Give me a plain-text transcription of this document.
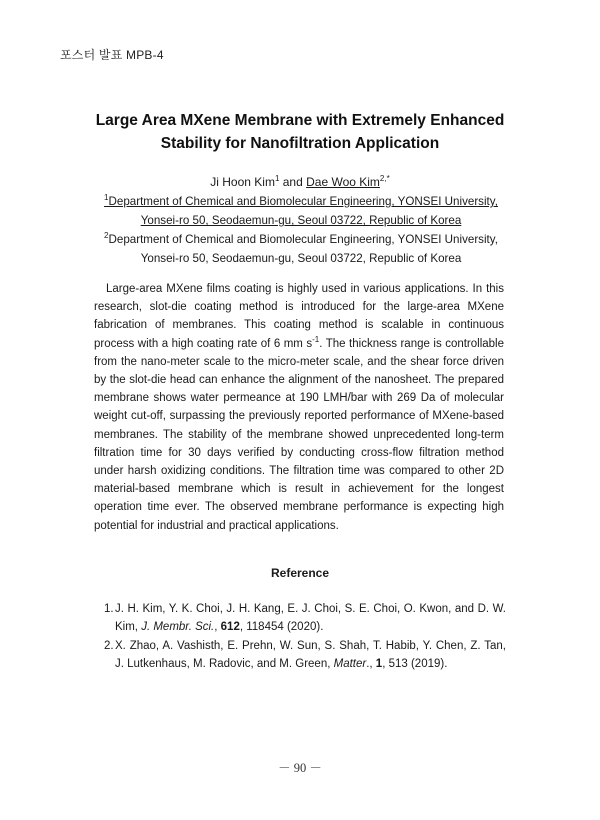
포스터 발표 MPB-4
Large Area MXene Membrane with Extremely Enhanced
Stability for Nanofiltration Application
Ji Hoon Kim$^1$ and Dae Woo Kim$^{2,*}$
$^1$Department of Chemical and Biomolecular Engineering, YONSEI University,
Yonsei-ro 50, Seodaemun-gu, Seoul 03722, Republic of Korea
$^2$Department of Chemical and Biomolecular Engineering, YONSEI University,
Yonsei-ro 50, Seodaemun-gu, Seoul 03722, Republic of Korea
Large-area MXene films coating is highly used in various applications. In this research, slot-die coating method is introduced for the large-area MXene fabrication of membranes. This coating method is scalable in continuous process with a high coating rate of 6 mm $s^{-1}$. The thickness range is controllable from the nano-meter scale to the micro-meter scale, and the shear force driven by the slot-die head can enhance the alignment of the nanosheet. The prepared membrane shows water permeance at 190 LMH/bar with 269 Da of molecular weight cut-off, surpassing the previously reported performance of MXene-based membranes. The stability of the membrane showed unprecedented long-term filtration time for 30 days verified by conducting cross-flow filtration method under harsh oxidizing conditions. The filtration time was compared to other 2D material-based membrane which is result in achievement for the longest operation time ever. The observed membrane performance is expecting high potential for industrial and practical applications.
Reference
1. J. H. Kim, Y. K. Choi, J. H. Kang, E. J. Choi, S. E. Choi, O. Kwon, and D. W. Kim, J. Membr. Sci., 612, 118454 (2020).
2. X. Zhao, A. Vashisth, E. Prehn, W. Sun, S. Shah, T. Habib, Y. Chen, Z. Tan, J. Lutkenhaus, M. Radovic, and M. Green, Matter., 1, 513 (2019).
－ 90 －
